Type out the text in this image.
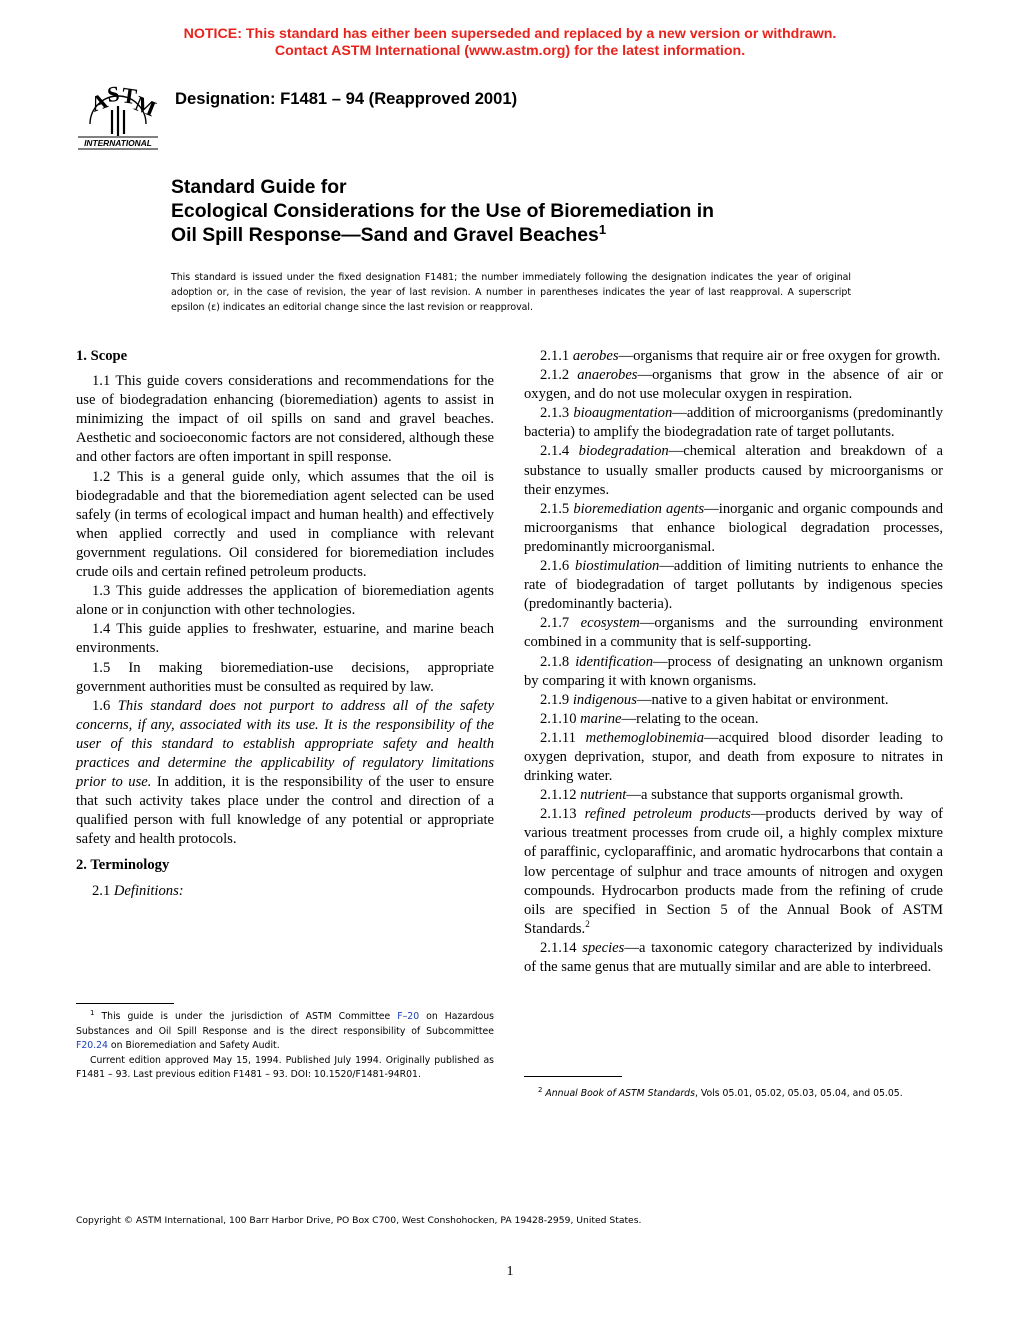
NOTICE: This standard has either been superseded and replaced by a new version or withdrawn.
Contact ASTM International (www.astm.org) for the latest information.
A
S T
M
INTERNATIONAL
Designation: F1481 – 94 (Reapproved 2001)
Standard Guide for
Ecological Considerations for the Use of Bioremediation in
Oil Spill Response—Sand and Gravel Beaches$^1$
This standard is issued under the fixed designation F1481; the number immediately following the designation indicates the year of original adoption or, in the case of revision, the year of last revision. A number in parentheses indicates the year of last reapproval. A superscript epsilon (ε) indicates an editorial change since the last revision or reapproval.
1. Scope

1.1 This guide covers considerations and recommendations for the use of biodegradation enhancing (bioremediation) agents to assist in minimizing the impact of oil spills on sand and gravel beaches. Aesthetic and socioeconomic factors are not considered, although these and other factors are often important in spill response.

1.2 This is a general guide only, which assumes that the oil is biodegradable and that the bioremediation agent selected can be used safely (in terms of ecological impact and human health) and effectively when applied correctly and used in compliance with relevant government regulations. Oil considered for bioremediation includes crude oils and certain refined petroleum products.

1.3 This guide addresses the application of bioremediation agents alone or in conjunction with other technologies.

1.4 This guide applies to freshwater, estuarine, and marine beach environments.

1.5 In making bioremediation-use decisions, appropriate government authorities must be consulted as required by law.

1.6 This standard does not purport to address all of the safety concerns, if any, associated with its use. It is the responsibility of the user of this standard to establish appropriate safety and health practices and determine the applicability of regulatory limitations prior to use. In addition, it is the responsibility of the user to ensure that such activity takes place under the control and direction of a qualified person with full knowledge of any potential or appropriate safety and health protocols.

2. Terminology

2.1 Definitions:

2.1.1 aerobes—organisms that require air or free oxygen for growth.

2.1.2 anaerobes—organisms that grow in the absence of air or oxygen, and do not use molecular oxygen in respiration.

2.1.3 bioaugmentation—addition of microorganisms (predominantly bacteria) to amplify the biodegradation rate of target pollutants.

2.1.4 biodegradation—chemical alteration and breakdown of a substance to usually smaller products caused by microorganisms or their enzymes.

2.1.5 bioremediation agents—inorganic and organic compounds and microorganisms that enhance biological degradation processes, predominantly microorganismal.

2.1.6 biostimulation—addition of limiting nutrients to enhance the rate of biodegradation of target pollutants by indigenous species (predominantly bacteria).

2.1.7 ecosystem—organisms and the surrounding environment combined in a community that is self-supporting.

2.1.8 identification—process of designating an unknown organism by comparing it with known organisms.

2.1.9 indigenous—native to a given habitat or environment.

2.1.10 marine—relating to the ocean.

2.1.11 methemoglobinemia—acquired blood disorder leading to oxygen deprivation, stupor, and death from exposure to nitrates in drinking water.

2.1.12 nutrient—a substance that supports organismal growth.

2.1.13 refined petroleum products—products derived by way of various treatment processes from crude oil, a highly complex mixture of paraffinic, cycloparaffinic, and aromatic hydrocarbons that contain a low percentage of sulphur and trace amounts of nitrogen and oxygen compounds. Hydrocarbon products made from the refining of crude oils are specified in Section 5 of the Annual Book of ASTM Standards.$^2$

2.1.14 species—a taxonomic category characterized by individuals of the same genus that are mutually similar and are able to interbreed.

$^1$ This guide is under the jurisdiction of ASTM Committee F–20 on Hazardous Substances and Oil Spill Response and is the direct responsibility of Subcommittee F20.24 on Bioremediation and Safety Audit.

Current edition approved May 15, 1994. Published July 1994. Originally published as F1481 – 93. Last previous edition F1481 – 93. DOI: 10.1520/F1481-94R01.

$^2$ Annual Book of ASTM Standards, Vols 05.01, 05.02, 05.03, 05.04, and 05.05.

Copyright © ASTM International, 100 Barr Harbor Drive, PO Box C700, West Conshohocken, PA 19428-2959, United States.
1
